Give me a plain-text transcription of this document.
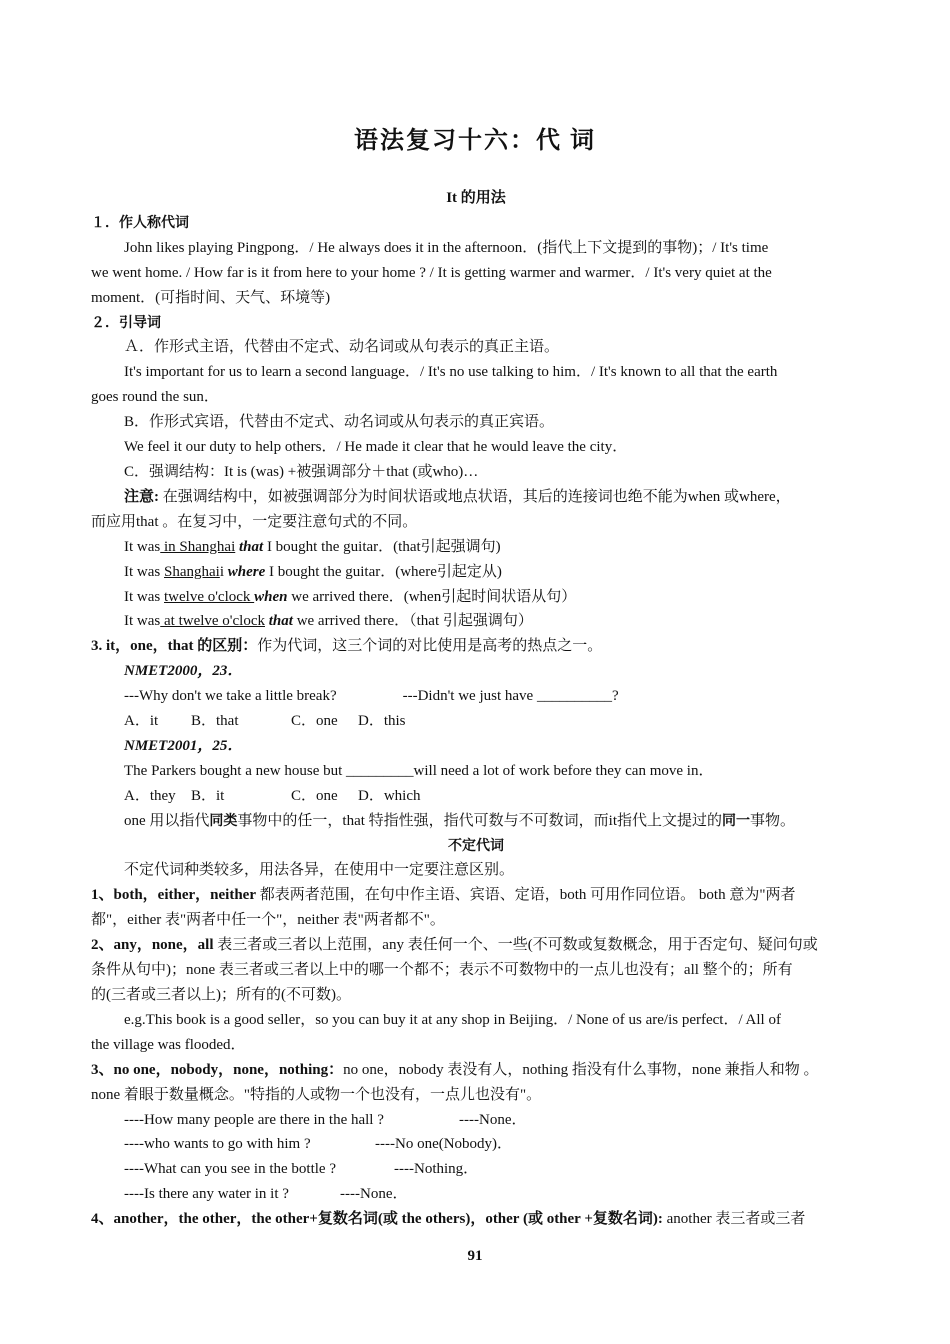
语法复习十六：代 词
It 的用法
１．作人称代词
John likes playing Pingpong．/ He always does it in the afternoon．(指代上下文提到的事物)；/ It's time
we went home. / How far is it from here to your home ? / It is getting warmer and warmer．/ It's very quiet at the
moment．(可指时间、天气、环境等)
２．引导词
Ａ．作形式主语，代替由不定式、动名词或从句表示的真正主语。
It's important for us to learn a second language．/ It's no use talking to him．/ It's known to all that the earth
goes round the sun．
B．作形式宾语，代替由不定式、动名词或从句表示的真正宾语。
We feel it our duty to help others．/ He made it clear that he would leave the city．
C．强调结构：It is (was) +被强调部分＋that (或who)…
注意: 在强调结构中，如被强调部分为时间状语或地点状语，其后的连接词也绝不能为when 或where，
而应用that 。在复习中，一定要注意句式的不同。
It was in Shanghai that I bought the guitar．(that引起强调句)
It was Shanghaii where I bought the guitar．(where引起定从)
It was twelve o'clock when we arrived there．(when引起时间状语从句）
It was at twelve o'clock that we arrived there．（that 引起强调句）
3. it，one，that 的区别：作为代词，这三个词的对比使用是高考的热点之一。
NMET2000，23．
---Why don't we take a little break?	---Didn't we just have __________?
A．it B．that	C．one D．this
NMET2001，25．
The Parkers bought a new house but _________will need a lot of work before they can move in．
A．they B．it	C．one D．which
one 用以指代同类事物中的任一，that 特指性强，指代可数与不可数词，而it指代上文提过的同一事物。
不定代词
不定代词种类较多，用法各异，在使用中一定要注意区别。
1、both，either，neither 都表两者范围，在句中作主语、宾语、定语，both 可用作同位语。 both 意为"两者
都"，either 表"两者中任一个"，neither 表"两者都不"。
2、any，none，all 表三者或三者以上范围，any 表任何一个、一些(不可数或复数概念，用于否定句、疑问句或
条件从句中)；none 表三者或三者以上中的哪一个都不；表示不可数物中的一点儿也没有；all 整个的；所有
的(三者或三者以上)；所有的(不可数)。
e.g.This book is a good seller，so you can buy it at any shop in Beijing．/ None of us are/is perfect．/ All of
the village was flooded．
3、no one，nobody，none，nothing：no one，nobody 表没有人，nothing 指没有什么事物，none 兼指人和物 。
none 着眼于数量概念。"特指的人或物一个也没有，一点儿也没有"。
----How many people are there in the hall ?	----None．
----who wants to go with him ?	----No one(Nobody)．
----What can you see in the bottle ?	----Nothing．
----Is there any water in it ?	----None．
4、another，the other，the other+复数名词(或 the others)，other (或 other +复数名词): another 表三者或三者
91
